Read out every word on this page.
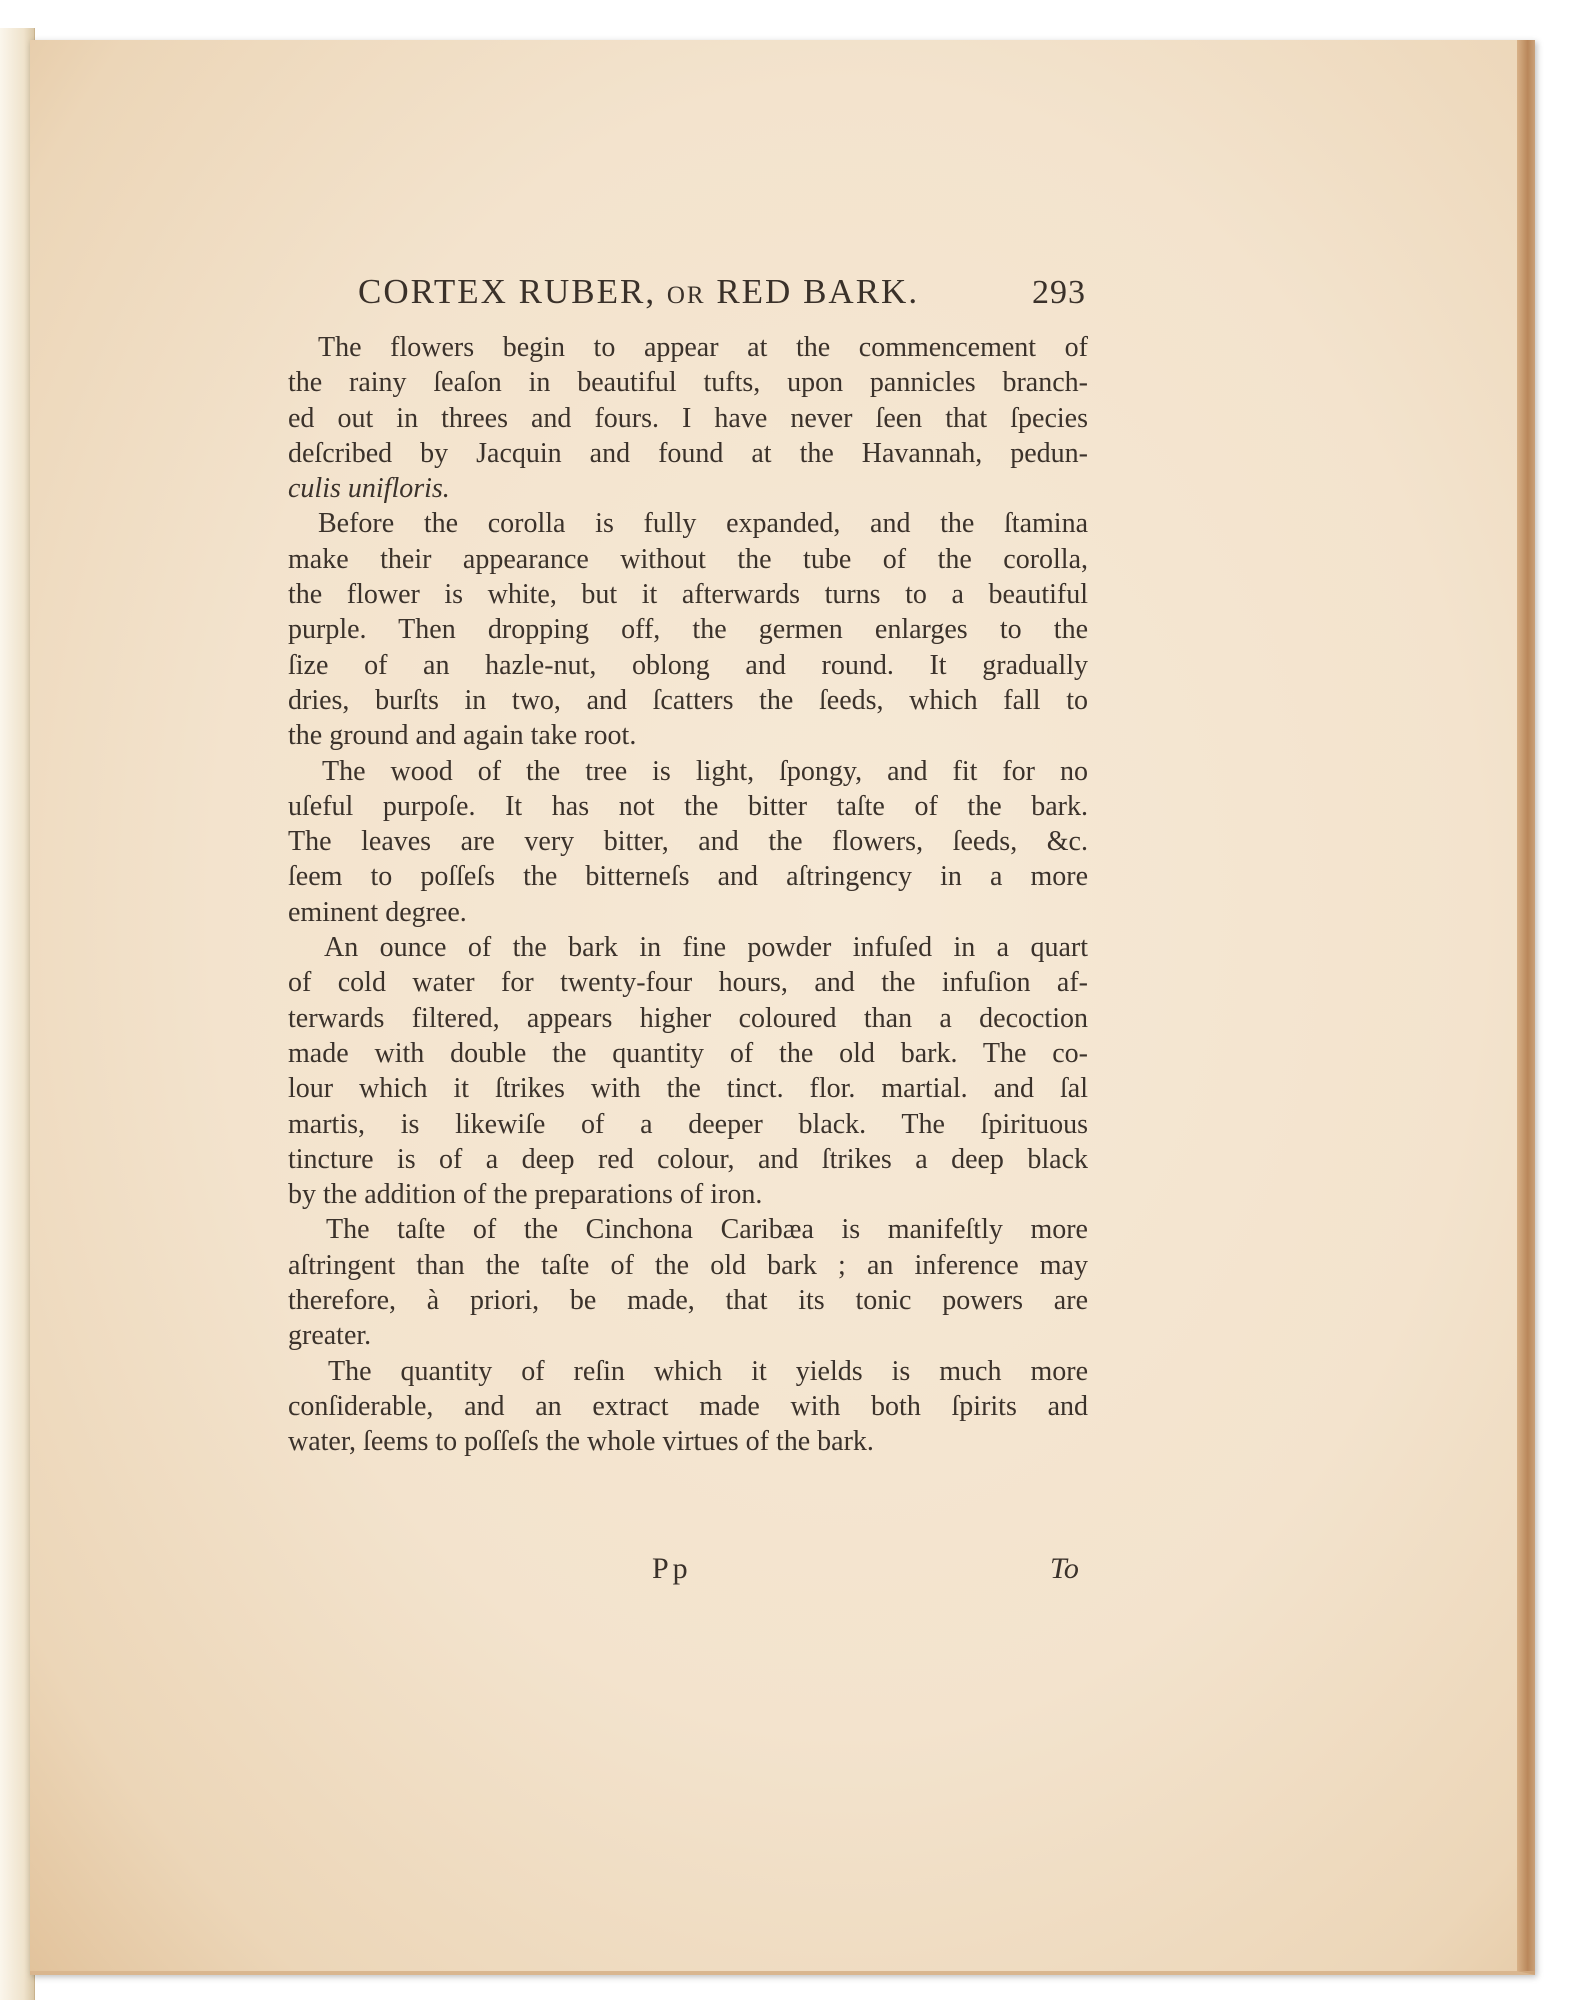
CORTEX RUBER, OR RED BARK.	293
The flowers begin to appear at the commencement of
the rainy ſeaſon in beautiful tufts, upon pannicles branch-
ed out in threes and fours. I have never ſeen that ſpecies
deſcribed by Jacquin and found at the Havannah, pedun-
culis unifloris.
Before the corolla is fully expanded, and the ſtamina
make their appearance without the tube of the corolla,
the flower is white, but it afterwards turns to a beautiful
purple. Then dropping off, the germen enlarges to the
ſize of an hazle-nut, oblong and round. It gradually
dries, burſts in two, and ſcatters the ſeeds, which fall to
the ground and again take root.
The wood of the tree is light, ſpongy, and fit for no
uſeful purpoſe. It has not the bitter taſte of the bark.
The leaves are very bitter, and the flowers, ſeeds, &c.
ſeem to poſſeſs the bitterneſs and aſtringency in a more
eminent degree.
An ounce of the bark in fine powder infuſed in a quart
of cold water for twenty-four hours, and the infuſion af-
terwards filtered, appears higher coloured than a decoction
made with double the quantity of the old bark. The co-
lour which it ſtrikes with the tinct. flor. martial. and ſal
martis, is likewiſe of a deeper black. The ſpirituous
tincture is of a deep red colour, and ſtrikes a deep black
by the addition of the preparations of iron.
The taſte of the Cinchona Caribæa is manifeſtly more
aſtringent than the taſte of the old bark ; an inference may
therefore, à priori, be made, that its tonic powers are
greater.
The quantity of reſin which it yields is much more
conſiderable, and an extract made with both ſpirits and
water, ſeems to poſſeſs the whole virtues of the bark.
Pp	To
